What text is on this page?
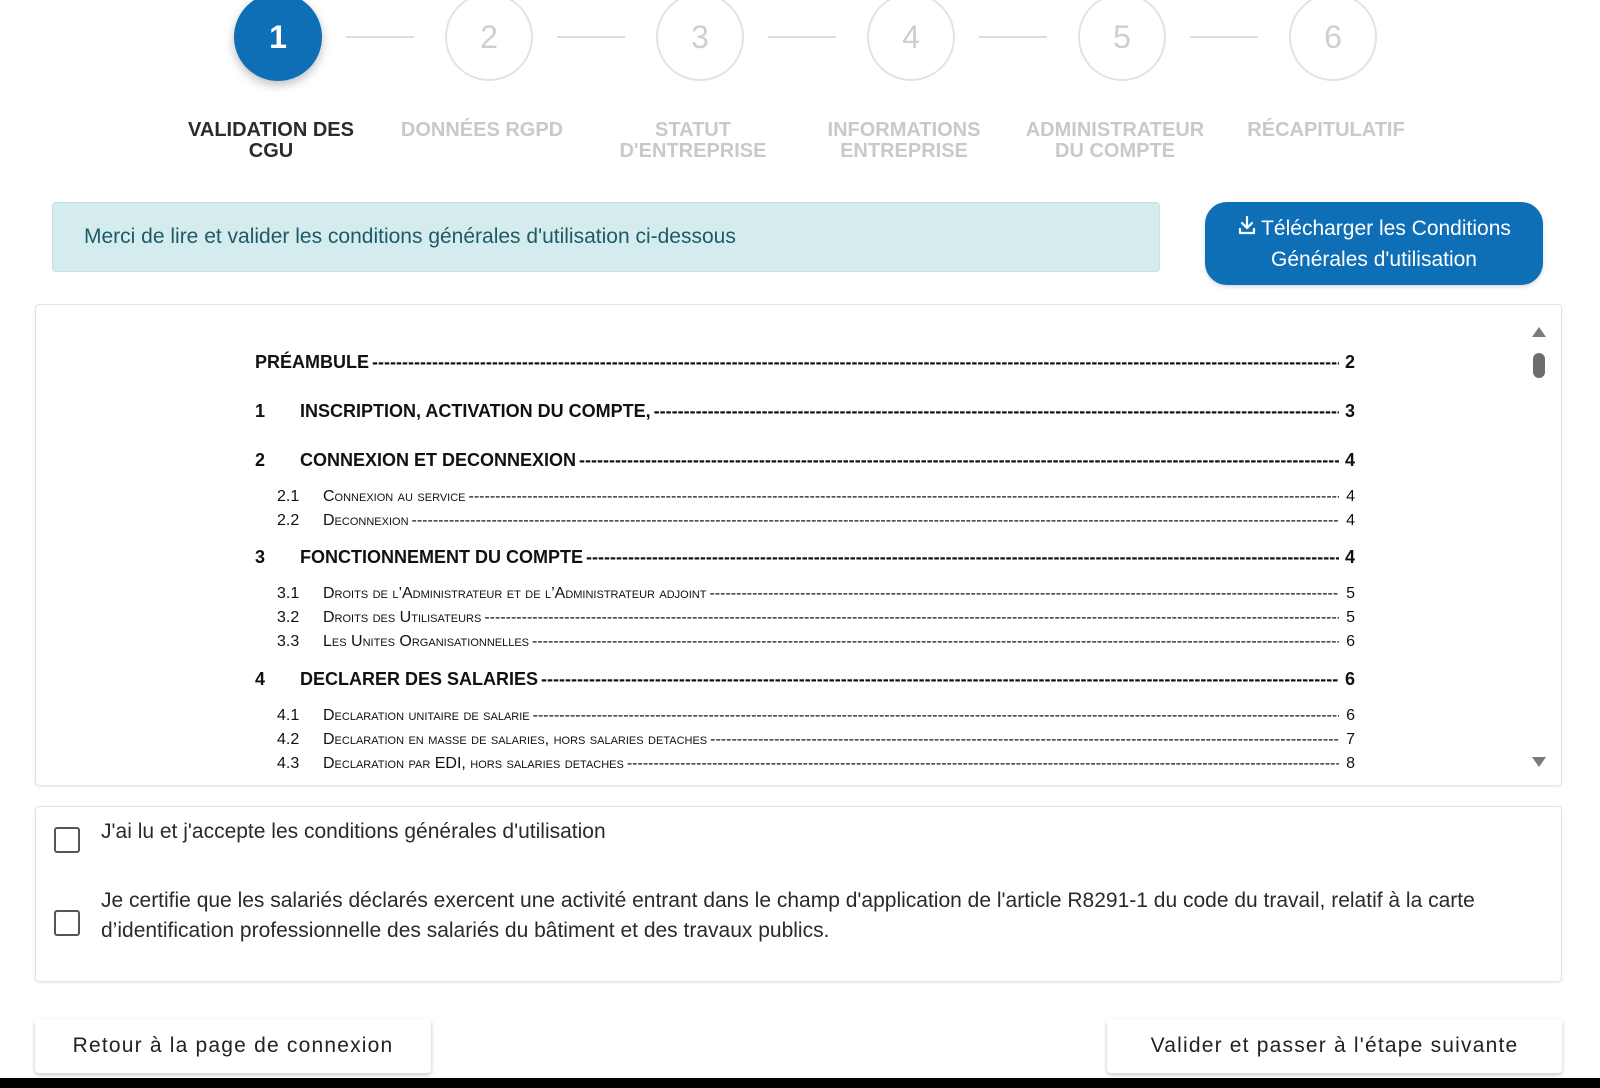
1	2	3	4	5	6
VALIDATION DES
CGU
DONNÉES RGPD	STATUT
D'ENTREPRISE
INFORMATIONS
ENTREPRISE
ADMINISTRATEUR
DU COMPTE
RÉCAPITULATIF
Merci de lire et valider les conditions générales d'utilisation ci-dessous	Télécharger les Conditions
Générales d'utilisation
PRÉAMBULE -----	2
1	INSCRIPTION, ACTIVATION DU COMPTE, -----	3
2	CONNEXION ET DECONNEXION -----	4
2.1	Connexion au service -----	4
2.2	Deconnexion -----	4
3	FONCTIONNEMENT DU COMPTE -----	4
3.1	Droits de l’Administrateur et de l’Administrateur adjoint -----	5
3.2	Droits des Utilisateurs -----	5
3.3	Les Unites Organisationnelles -----	6
4	DECLARER DES SALARIES -----	6
4.1	Declaration unitaire de salarie -----	6
4.2	Declaration en masse de salaries, hors salaries detaches -----	7
4.3	Declaration par EDI, hors salaries detaches -----	8
J'ai lu et j'accepte les conditions générales d'utilisation
Je certifie que les salariés déclarés exercent une activité entrant dans le champ d'application de l'article R8291-1 du code du travail, relatif à la carte d’identification professionnelle des salariés du bâtiment et des travaux publics.
Retour à la page de connexion	Valider et passer à l'étape suivante
